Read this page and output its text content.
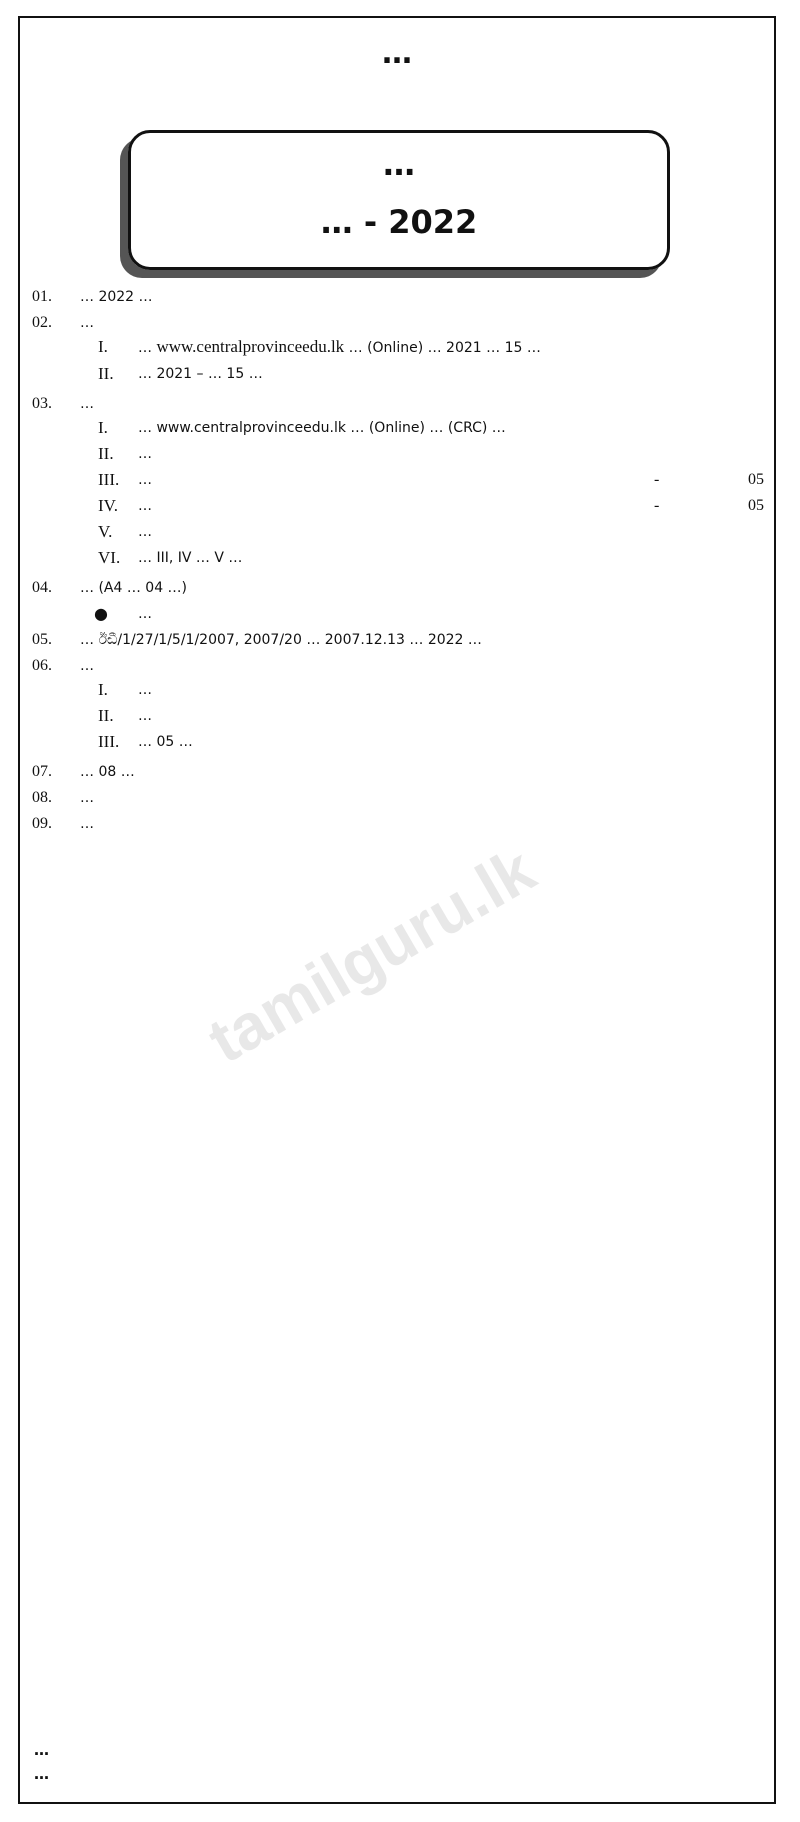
…
…
… - 2022
01.	… 2022 …
02.	…
I.	… www.centralprovinceedu.lk … (Online) … 2021 … 15 …
II.	… 2021 – … 15 …
03.	…
I.	… www.centralprovinceedu.lk … (Online) … (CRC) …
II.	…
III.	…	-	05
IV.	…	-	05
V.	…
VI.	… III, IV … V …
04.	… (A4 … 04 …)
●	…
05.	… ඊඩී/1/27/1/5/1/2007, 2007/20 … 2007.12.13 … 2022 …
06.	…
I.	…
II.	…
III.	… 05 …
07.	… 08 …
08.	…
09.	…
tamilguru.lk
…
…
